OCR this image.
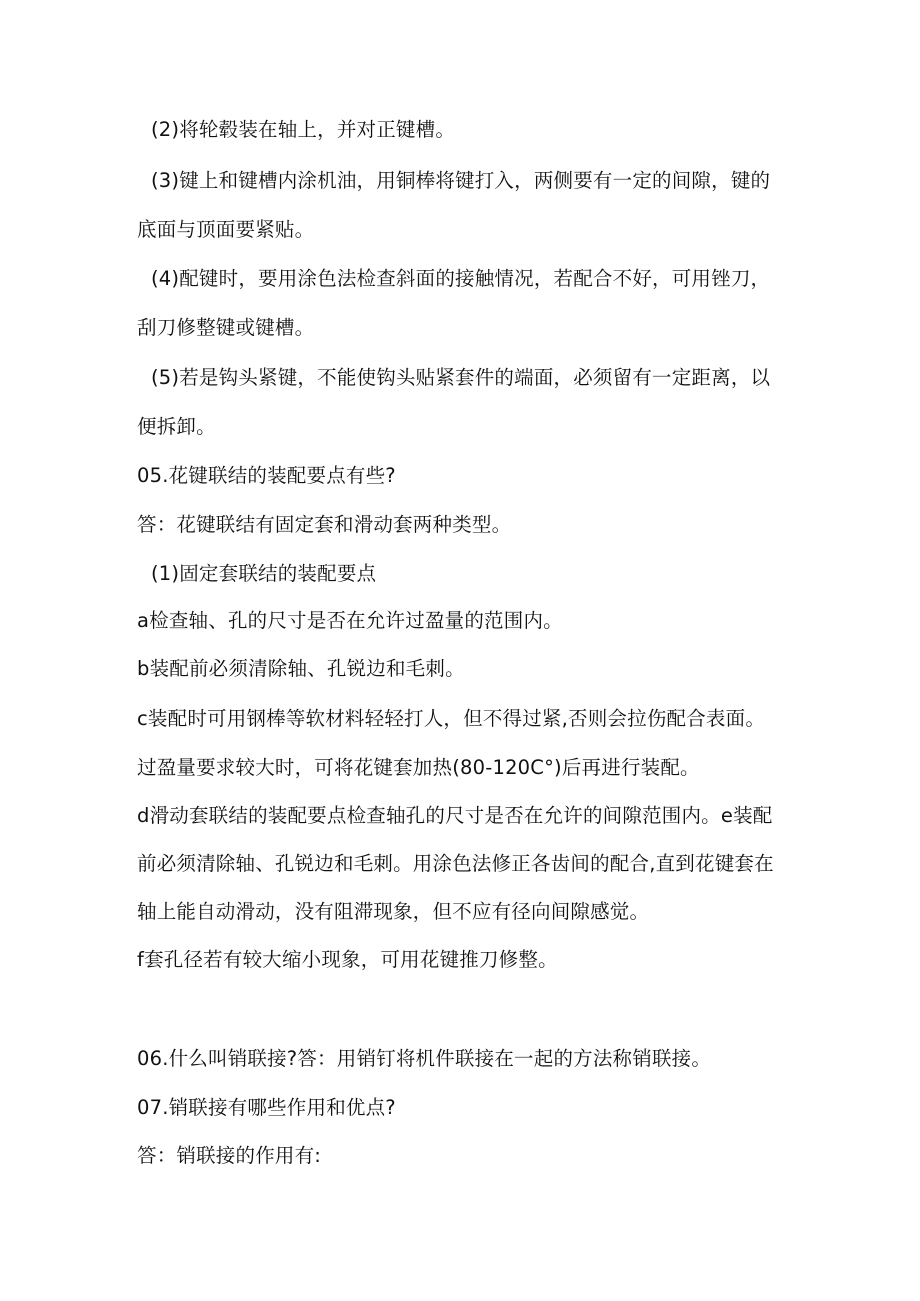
(2)将轮毂装在轴上，并对正键槽。
(3)键上和键槽内涂机油，用铜棒将键打入，两侧要有一定的间隙，键的
底面与顶面要紧贴。
(4)配键时，要用涂色法检查斜面的接触情况，若配合不好，可用锉刀，
刮刀修整键或键槽。
(5)若是钩头紧键，不能使钩头贴紧套件的端面，必须留有一定距离，以
便拆卸。
05.花键联结的装配要点有些?
答：花键联结有固定套和滑动套两种类型。
(1)固定套联结的装配要点
a检查轴、孔的尺寸是否在允许过盈量的范围内。
b装配前必须清除轴、孔锐边和毛刺。
c装配时可用钢棒等软材料轻轻打人，但不得过紧,否则会拉伤配合表面。
过盈量要求较大时，可将花键套加热(80-120C°)后再进行装配。
d滑动套联结的装配要点检查轴孔的尺寸是否在允许的间隙范围内。e装配
前必须清除轴、孔锐边和毛刺。用涂色法修正各齿间的配合,直到花键套在
轴上能自动滑动，没有阻滞现象，但不应有径向间隙感觉。
f套孔径若有较大缩小现象，可用花键推刀修整。
06.什么叫销联接?答：用销钉将机件联接在一起的方法称销联接。
07.销联接有哪些作用和优点?
答：销联接的作用有:
